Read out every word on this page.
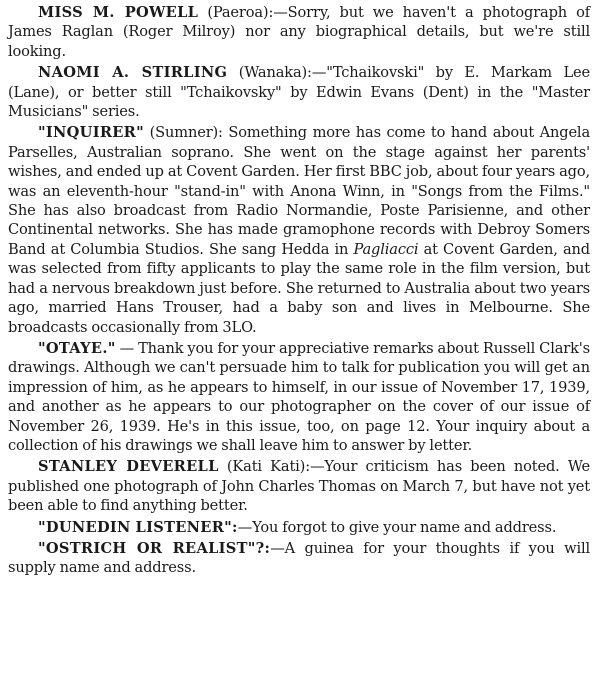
MISS M. POWELL (Paeroa):—Sorry, but we haven't a photograph of James Raglan (Roger Milroy) nor any biographical details, but we're still looking.

NAOMI A. STIRLING (Wanaka):—"Tchaikovski" by E. Markam Lee (Lane), or better still "Tchaikovsky" by Edwin Evans (Dent) in the "Master Musicians" series.

"INQUIRER" (Sumner): Something more has come to hand about Angela Parselles, Australian soprano. She went on the stage against her parents' wishes, and ended up at Covent Garden. Her first BBC job, about four years ago, was an eleventh-hour "stand-in" with Anona Winn, in "Songs from the Films." She has also broadcast from Radio Normandie, Poste Parisienne, and other Continental networks. She has made gramophone records with Debroy Somers Band at Columbia Studios. She sang Hedda in Pagliacci at Covent Garden, and was selected from fifty applicants to play the same role in the film version, but had a nervous breakdown just before. She returned to Australia about two years ago, married Hans Trouser, had a baby son and lives in Melbourne. She broadcasts occasionally from 3LO.

"OTAYE." — Thank you for your appreciative remarks about Russell Clark's drawings. Although we can't persuade him to talk for publication you will get an impression of him, as he appears to himself, in our issue of November 17, 1939, and another as he appears to our photographer on the cover of our issue of November 26, 1939. He's in this issue, too, on page 12. Your inquiry about a collection of his drawings we shall leave him to answer by letter.

STANLEY DEVERELL (Kati Kati):—Your criticism has been noted. We published one photograph of John Charles Thomas on March 7, but have not yet been able to find anything better.

"DUNEDIN LISTENER":—You forgot to give your name and address.

"OSTRICH OR REALIST"?:—A guinea for your thoughts if you will supply name and address.
